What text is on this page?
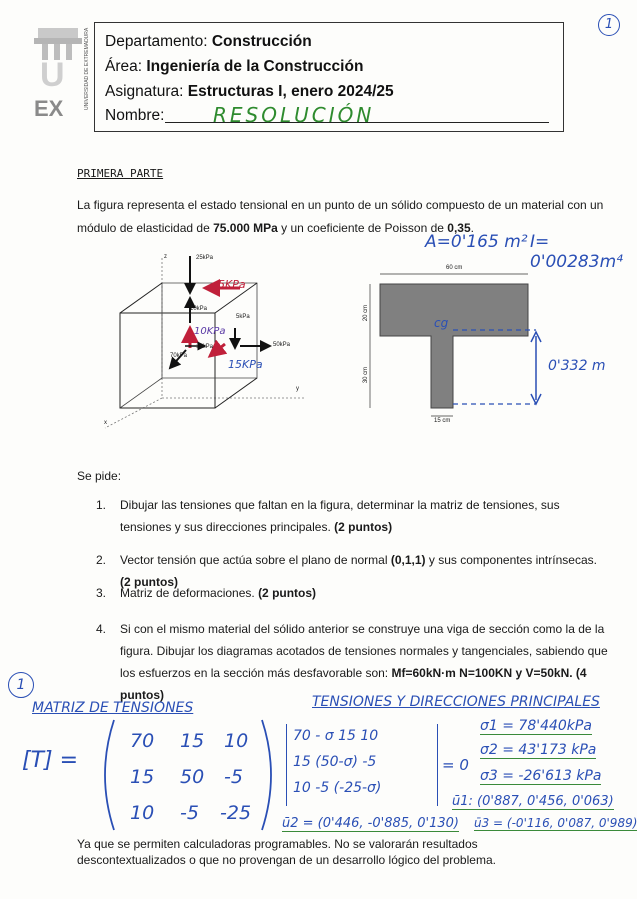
1
U
EX	UNIVERSIDAD DE EXTREMADURA Departamento: Construcción
Área: Ingeniería de la Construcción
Asignatura: Estructuras I, enero 2024/25
Nombre: RESOLUCIÓN
PRIMERA PARTE
La figura representa el estado tensional en un punto de un sólido compuesto de un material con un módulo de elasticidad de 75.000 MPa y un coeficiente de Poisson de 0,35.
A=0'165 m² I= 0'00283m⁴
25kPa
10kPa
5kPa
15kPa
70kPa
50kPa
z
y
x
5KPa
10KPa
15KPa
60 cm
20 cm
30 cm
15 cm
cg
0'332 m
Se pide:
1. Dibujar las tensiones que faltan en la figura, determinar la matriz de tensiones, sus tensiones y sus direcciones principales. (2 puntos)
2. Vector tensión que actúa sobre el plano de normal (0,1,1) y sus componentes intrínsecas. (2 puntos)
3. Matriz de deformaciones. (2 puntos)
4. Si con el mismo material del sólido anterior se construye una viga de sección como la de la figura. Dibujar los diagramas acotados de tensiones normales y tangenciales, sabiendo que los esfuerzos en la sección más desfavorable son: Mf=60kN·m N=100KN y V=50kN. (4 puntos)
1
MATRIZ DE TENSIONES	TENSIONES Y DIRECCIONES PRINCIPALES
[T] =
70 15 10
15 50 -5
10 -5 -25
70 - σ 15 10
15 (50-σ) -5
10 -5 (-25-σ)
= 0
σ1 = 78'440kPa
σ2 = 43'173 kPa
σ3 = -26'613 kPa
ū1: (0'887, 0'456, 0'063)
ū2 = (0'446, -0'885, 0'130) ū3 = (-0'116, 0'087, 0'989)
Ya que se permiten calculadoras programables. No se valorarán resultados descontextualizados o que no provengan de un desarrollo lógico del problema.
